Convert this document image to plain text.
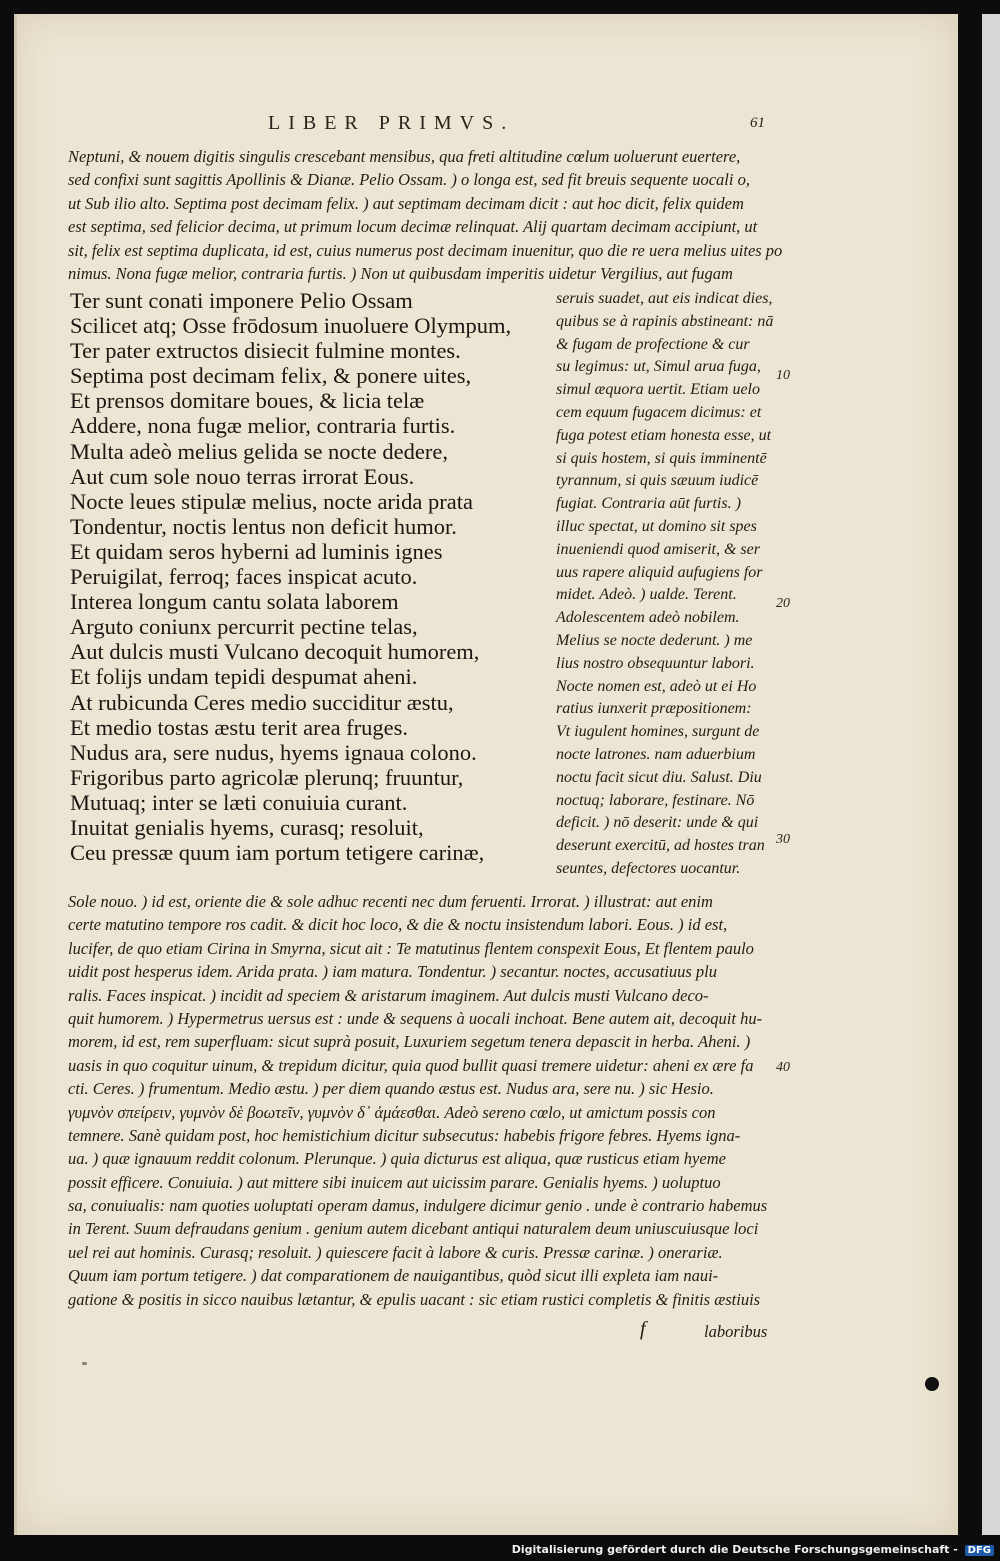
LIBER PRIMVS.	61
Neptuni, & nouem digitis singulis crescebant mensibus, qua freti altitudine cœlum uoluerunt euertere,
sed confixi sunt sagittis Apollinis & Dianæ. Pelio Ossam. ) o longa est, sed fit breuis sequente uocali o,
ut Sub ilio alto. Septima post decimam felix. ) aut septimam decimam dicit : aut hoc dicit, felix quidem
est septima, sed felicior decima, ut primum locum decimæ relinquat. Alij quartam decimam accipiunt, ut
sit, felix est septima duplicata, id est, cuius numerus post decimam inuenitur, quo die re uera melius uites po
nimus. Nona fugæ melior, contraria furtis. ) Non ut quibusdam imperitis uidetur Vergilius, aut fugam
Ter sunt conati imponere Pelio Ossam
Scilicet atq; Osse frōdosum inuoluere Olympum,
Ter pater extructos disiecit fulmine montes.
Septima post decimam felix, & ponere uites,
Et prensos domitare boues, & licia telæ
Addere, nona fugæ melior, contraria furtis.
Multa adeò melius gelida se nocte dedere,
Aut cum sole nouo terras irrorat Eous.
Nocte leues stipulæ melius, nocte arida prata
Tondentur, noctis lentus non deficit humor.
Et quidam seros hyberni ad luminis ignes
Peruigilat, ferroq; faces inspicat acuto.
Interea longum cantu solata laborem
Arguto coniunx percurrit pectine telas,
Aut dulcis musti Vulcano decoquit humorem,
Et folijs undam tepidi despumat aheni.
At rubicunda Ceres medio succiditur æstu,
Et medio tostas æstu terit area fruges.
Nudus ara, sere nudus, hyems ignaua colono.
Frigoribus parto agricolæ plerunq; fruuntur,
Mutuaq; inter se læti conuiuia curant.
Inuitat genialis hyems, curasq; resoluit,
Ceu pressæ quum iam portum tetigere carinæ,
seruis suadet, aut eis indicat dies,
quibus se à rapinis abstineant: nā
& fugam de profectione & cur
su legimus: ut, Simul arua fuga,
simul æquora uertit. Etiam uelo
cem equum fugacem dicimus: et
fuga potest etiam honesta esse, ut
si quis hostem, si quis imminentē
tyrannum, si quis sæuum iudicē
fugiat. Contraria aūt furtis. )
illuc spectat, ut domino sit spes
inueniendi quod amiserit, & ser
uus rapere aliquid aufugiens for
midet. Adeò. ) ualde. Terent.
Adolescentem adeò nobilem.
Melius se nocte dederunt. ) me
lius nostro obsequuntur labori.
Nocte nomen est, adeò ut ei Ho
ratius iunxerit præpositionem:
Vt iugulent homines, surgunt de
nocte latrones. nam aduerbium
noctu facit sicut diu. Salust. Diu
noctuq; laborare, festinare. Nō
deficit. ) nō deserit: unde & qui
deserunt exercitū, ad hostes tran
seuntes, defectores uocantur.
10
20
30
40
Sole nouo. ) id est, oriente die & sole adhuc recenti nec dum feruenti. Irrorat. ) illustrat: aut enim
certe matutino tempore ros cadit. & dicit hoc loco, & die & noctu insistendum labori. Eous. ) id est,
lucifer, de quo etiam Cirina in Smyrna, sicut ait : Te matutinus flentem conspexit Eous, Et flentem paulo
uidit post hesperus idem. Arida prata. ) iam matura. Tondentur. ) secantur. noctes, accusatiuus plu
ralis. Faces inspicat. ) incidit ad speciem & aristarum imaginem. Aut dulcis musti Vulcano deco-
quit humorem. ) Hypermetrus uersus est : unde & sequens à uocali inchoat. Bene autem ait, decoquit hu-
morem, id est, rem superfluam: sicut suprà posuit, Luxuriem segetum tenera depascit in herba. Aheni. )
uasis in quo coquitur uinum, & trepidum dicitur, quia quod bullit quasi tremere uidetur: aheni ex ære fa
cti. Ceres. ) frumentum. Medio æstu. ) per diem quando æstus est. Nudus ara, sere nu. ) sic Hesio.
γυμνὸν σπείρειν, γυμνὸν δὲ βοωτεῖν, γυμνὸν δ᾽ ἀμάεσθαι. Adeò sereno cœlo, ut amictum possis con
temnere. Sanè quidam post, hoc hemistichium dicitur subsecutus: habebis frigore febres. Hyems igna-
ua. ) quæ ignauum reddit colonum. Plerunque. ) quia dicturus est aliqua, quæ rusticus etiam hyeme
possit efficere. Conuiuia. ) aut mittere sibi inuicem aut uicissim parare. Genialis hyems. ) uoluptuo
sa, conuiualis: nam quoties uoluptati operam damus, indulgere dicimur genio . unde è contrario habemus
in Terent. Suum defraudans genium . genium autem dicebant antiqui naturalem deum uniuscuiusque loci
uel rei aut hominis. Curasq; resoluit. ) quiescere facit à labore & curis. Pressæ carinæ. ) onerariæ.
Quum iam portum tetigere. ) dat comparationem de nauigantibus, quòd sicut illi expleta iam naui-
gatione & positis in sicco nauibus lætantur, & epulis uacant : sic etiam rustici completis & finitis æstiuis
f	laboribus
Digitalisierung gefördert durch die Deutsche Forschungsgemeinschaft - DFG
